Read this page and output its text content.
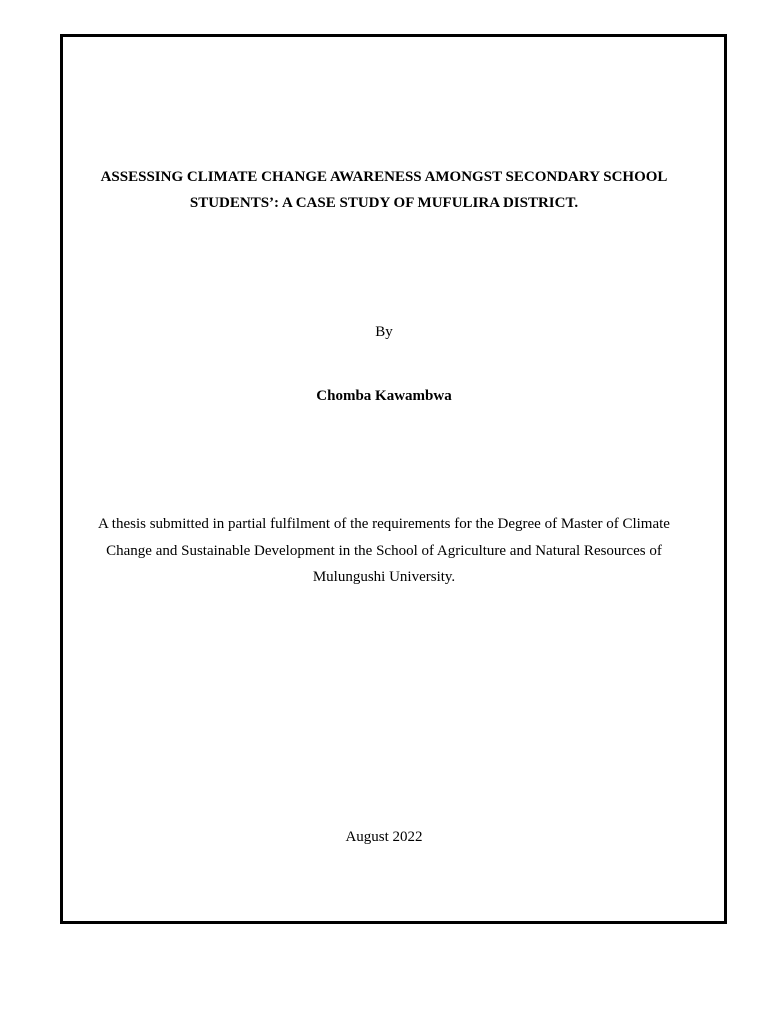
ASSESSING CLIMATE CHANGE AWARENESS AMONGST SECONDARY SCHOOL
STUDENTS’: A CASE STUDY OF MUFULIRA DISTRICT.
By
Chomba Kawambwa
A thesis submitted in partial fulfilment of the requirements for the Degree of Master of Climate
Change and Sustainable Development in the School of Agriculture and Natural Resources of
Mulungushi University.
August 2022
